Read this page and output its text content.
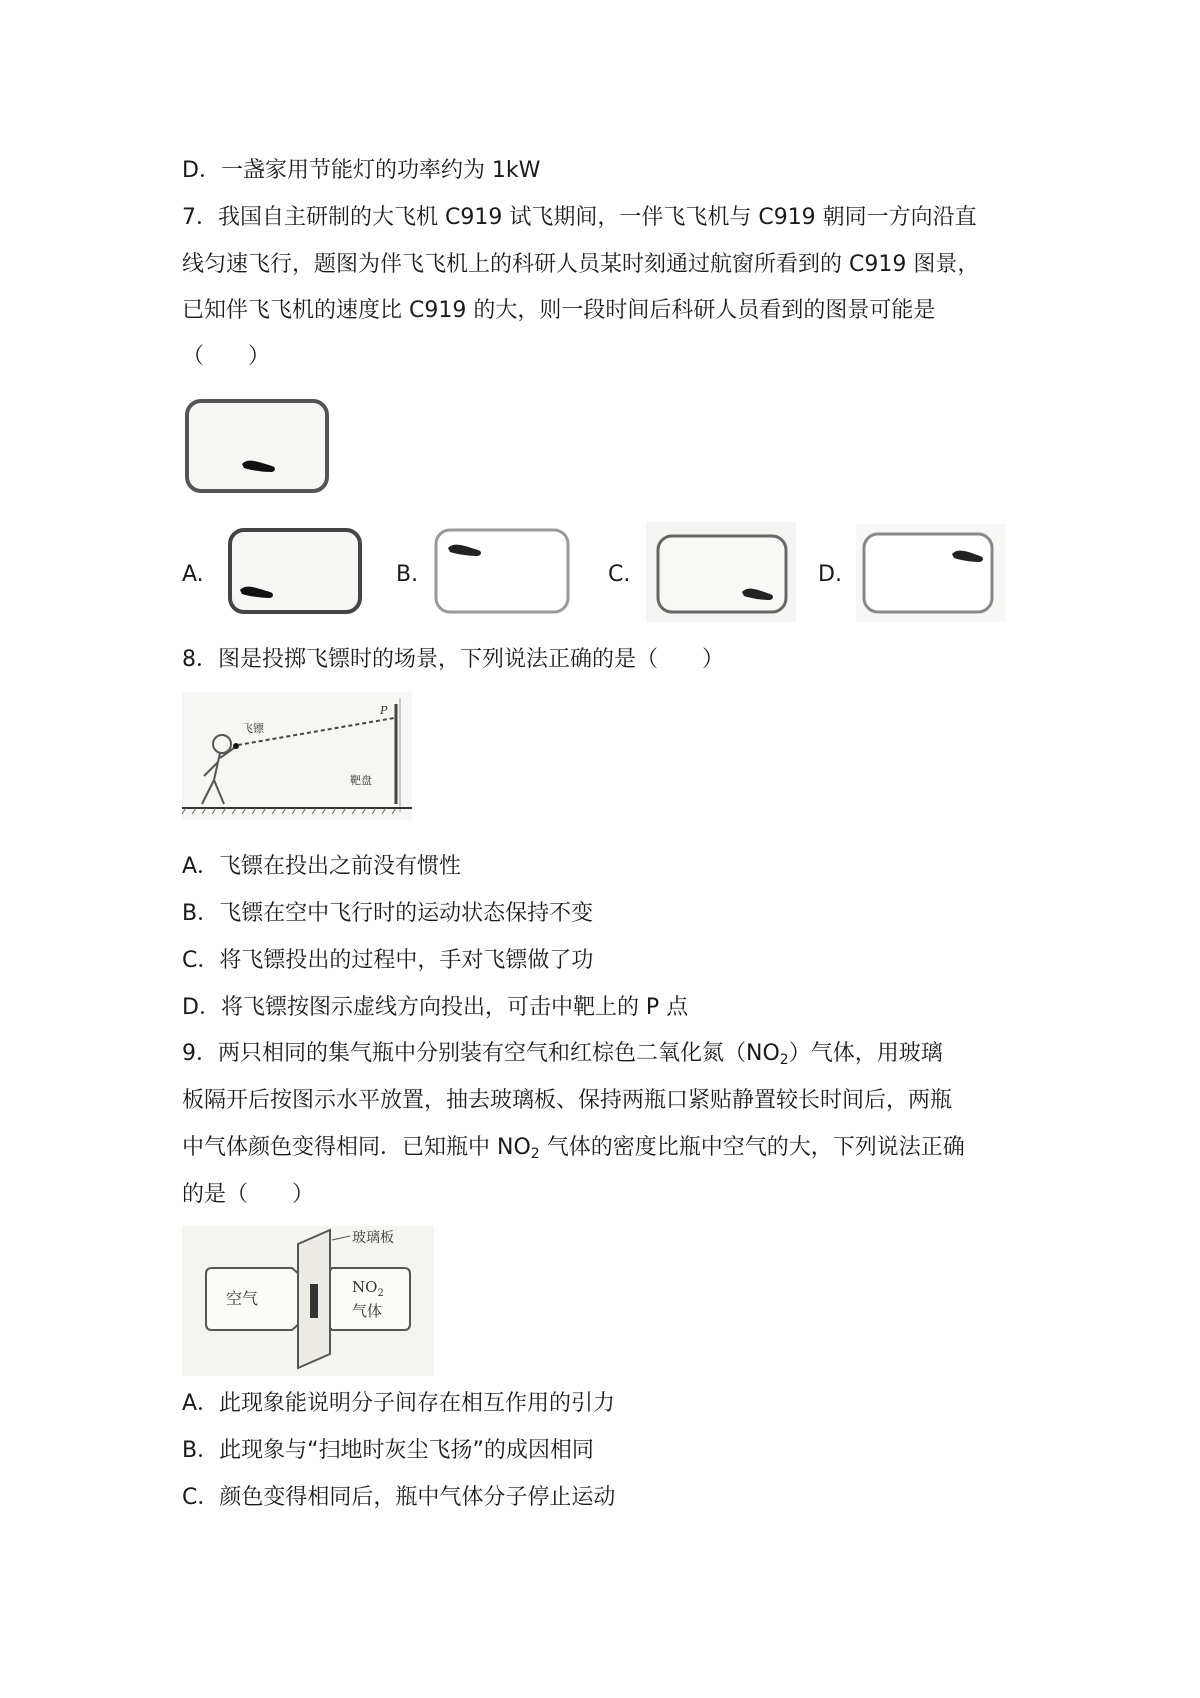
D．一盏家用节能灯的功率约为 1kW
7．我国自主研制的大飞机 C919 试飞期间，一伴飞飞机与 C919 朝同一方向沿直
线匀速飞行，题图为伴飞飞机上的科研人员某时刻通过航窗所看到的 C919 图景，
已知伴飞飞机的速度比 C919 的大，则一段时间后科研人员看到的图景可能是
（　　）
A.	B.	C.	D.
8．图是投掷飞镖时的场景，下列说法正确的是（　　）
飞镖
靶盘
P
A．飞镖在投出之前没有惯性
B．飞镖在空中飞行时的运动状态保持不变
C．将飞镖投出的过程中，手对飞镖做了功
D．将飞镖按图示虚线方向投出，可击中靶上的 P 点
9．两只相同的集气瓶中分别装有空气和红棕色二氧化氮$(NO_2)$气体，用玻璃
板隔开后按图示水平放置，抽去玻璃板、保持两瓶口紧贴静置较长时间后，两瓶
中气体颜色变得相同．已知瓶中 $NO_2$ 气体的密度比瓶中空气的大，下列说法正确
的是（　　）
玻璃板
空气
$NO_2$
气体
A．此现象能说明分子间存在相互作用的引力
B．此现象与“扫地时灰尘飞扬”的成因相同
C．颜色变得相同后，瓶中气体分子停止运动
